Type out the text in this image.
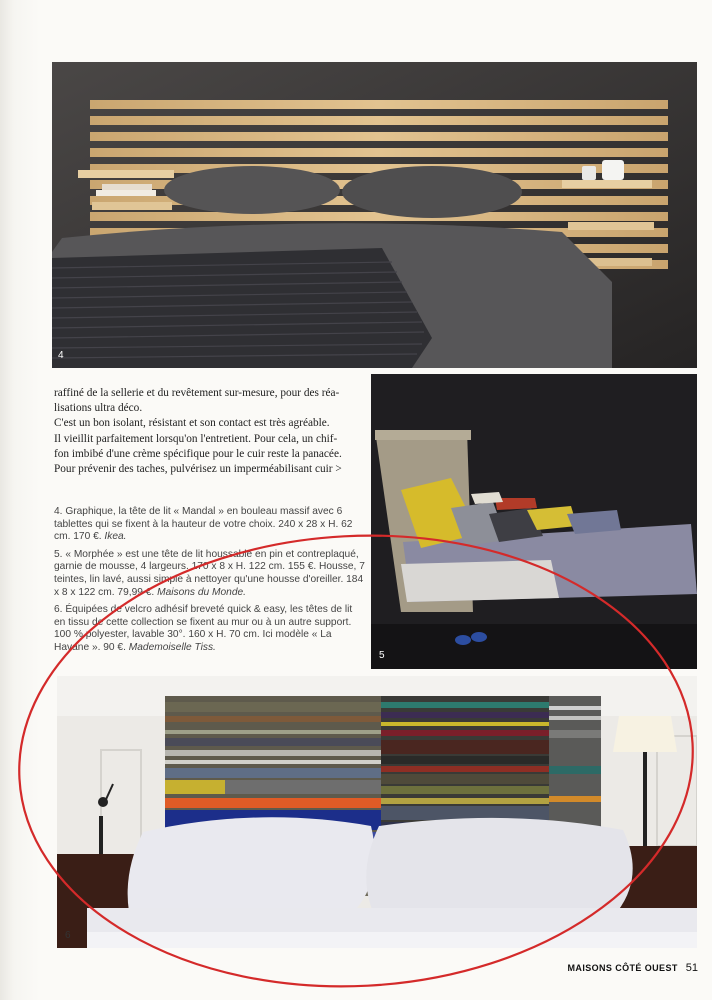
4
5

raffiné de la sellerie et du revêtement sur-mesure, pour des réa-

lisations ultra déco.

C'est un bon isolant, résistant et son contact est très agréable.

Il vieillit parfaitement lorsqu'on l'entretient. Pour cela, un chif-

fon imbibé d'une crème spécifique pour le cuir reste la panacée.

Pour prévenir des taches, pulvérisez un imperméabilisant cuir >

4. Graphique, la tête de lit « Mandal » en bouleau massif avec 6 tablettes qui se fixent à la hauteur de votre choix. 240 x 28 x H. 62 cm. 170 €. Ikea.

5. « Morphée » est une tête de lit houssable en pin et contreplaqué, garnie de mousse, 4 largeurs. 170 x 8 x H. 122 cm. 155 €. Housse, 7 teintes, lin lavé, aussi simple à nettoyer qu'une housse d'oreiller. 184 x 8 x 122 cm. 79,99 €. Maisons du Monde.

6. Équipées de velcro adhésif breveté quick & easy, les têtes de lit en tissu de cette collection se fixent au mur ou à un autre support. 100 % polyester, lavable 30°. 160 x H. 70 cm. Ici modèle « La Havane ». 90 €. Mademoiselle Tiss.

6
MAISONS CÔTÉ OUEST 51
